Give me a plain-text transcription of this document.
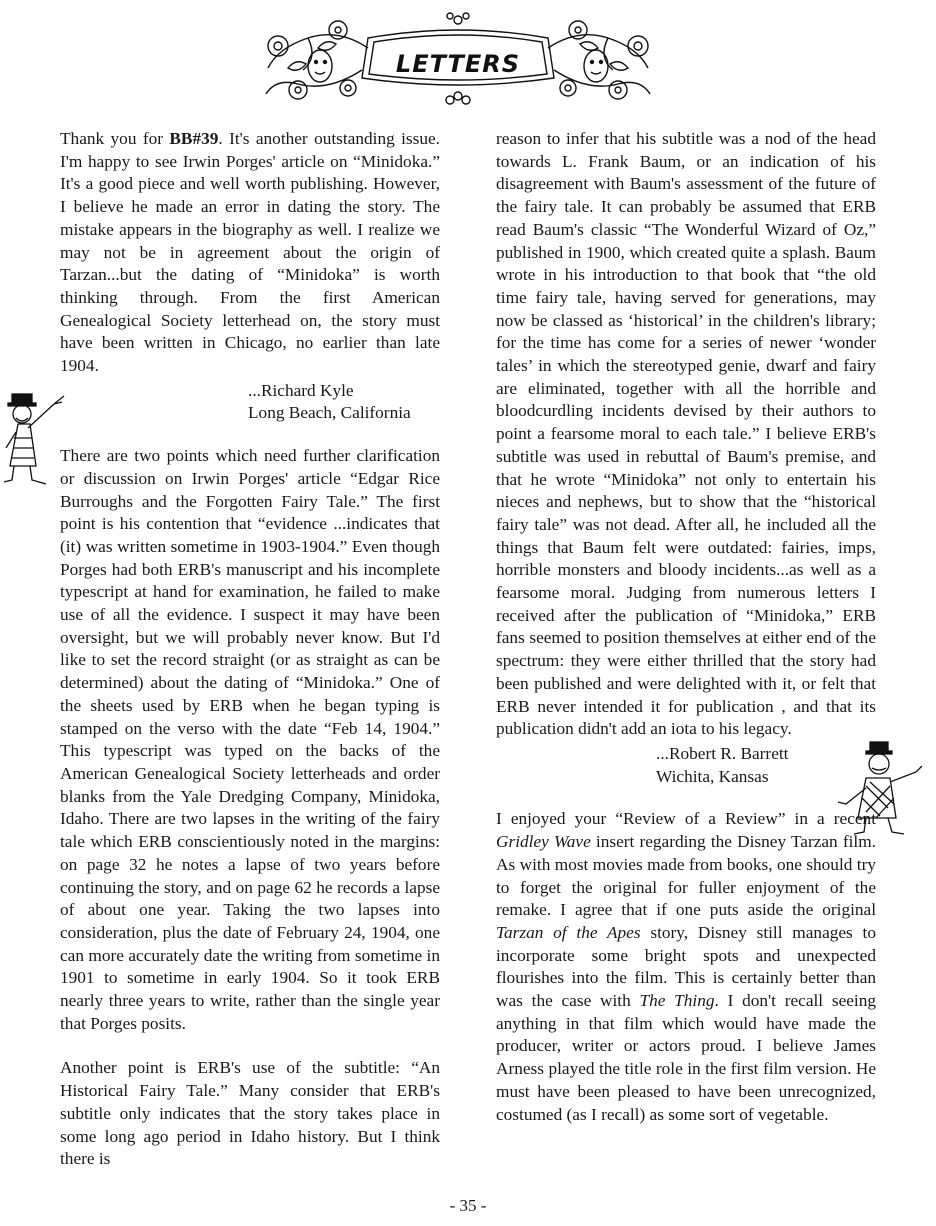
LETTERS

Thank you for BB#39. It's another outstanding issue. I'm happy to see Irwin Porges' article on “Minidoka.” It's a good piece and well worth publishing. However, I believe he made an error in dating the story. The mistake appears in the biography as well. I realize we may not be in agreement about the origin of Tarzan...but the dating of “Minidoka” is worth thinking through. From the first American Genealogical Society letterhead on, the story must have been written in Chicago, no earlier than late 1904.

...Richard Kyle
Long Beach, California

There are two points which need further clarification or discussion on Irwin Porges' article “Edgar Rice Burroughs and the Forgotten Fairy Tale.” The first point is his contention that “evidence ...indicates that (it) was written sometime in 1903-1904.” Even though Porges had both ERB's manuscript and his incomplete typescript at hand for examination, he failed to make use of all the evidence. I suspect it may have been oversight, but we will probably never know. But I'd like to set the record straight (or as straight as can be determined) about the dating of “Minidoka.” One of the sheets used by ERB when he began typing is stamped on the verso with the date “Feb 14, 1904.” This typescript was typed on the backs of the American Genealogical Society letterheads and order blanks from the Yale Dredging Company, Minidoka, Idaho. There are two lapses in the writing of the fairy tale which ERB conscientiously noted in the margins: on page 32 he notes a lapse of two years before continuing the story, and on page 62 he records a lapse of about one year. Taking the two lapses into consideration, plus the date of February 24, 1904, one can more accurately date the writing from sometime in 1901 to sometime in early 1904. So it took ERB nearly three years to write, rather than the single year that Porges posits.

Another point is ERB's use of the subtitle: “An Historical Fairy Tale.” Many consider that ERB's subtitle only indicates that the story takes place in some long ago period in Idaho history. But I think there is

reason to infer that his subtitle was a nod of the head towards L. Frank Baum, or an indication of his disagreement with Baum's assessment of the future of the fairy tale. It can probably be assumed that ERB read Baum's classic “The Wonderful Wizard of Oz,” published in 1900, which created quite a splash. Baum wrote in his introduction to that book that “the old time fairy tale, having served for generations, may now be classed as ‘historical’ in the children's library; for the time has come for a series of newer ‘wonder tales’ in which the stereotyped genie, dwarf and fairy are eliminated, together with all the horrible and bloodcurdling incidents devised by their authors to point a fearsome moral to each tale.” I believe ERB's subtitle was used in rebuttal of Baum's premise, and that he wrote “Minidoka” not only to entertain his nieces and nephews, but to show that the “historical fairy tale” was not dead. After all, he included all the things that Baum felt were outdated: fairies, imps, horrible monsters and bloody incidents...as well as a fearsome moral. Judging from numerous letters I received after the publication of “Minidoka,” ERB fans seemed to position themselves at either end of the spectrum: they were either thrilled that the story had been published and were delighted with it, or felt that ERB never intended it for publication , and that its publication didn't add an iota to his legacy.

...Robert R. Barrett
Wichita, Kansas

I enjoyed your “Review of a Review” in a recent Gridley Wave insert regarding the Disney Tarzan film. As with most movies made from books, one should try to forget the original for fuller enjoyment of the remake. I agree that if one puts aside the original Tarzan of the Apes story, Disney still manages to incorporate some bright spots and unexpected flourishes into the film. This is certainly better than was the case with The Thing. I don't recall seeing anything in that film which would have made the producer, writer or actors proud. I believe James Arness played the title role in the first film version. He must have been pleased to have been unrecognized, costumed (as I recall) as some sort of vegetable.

- 35 -
